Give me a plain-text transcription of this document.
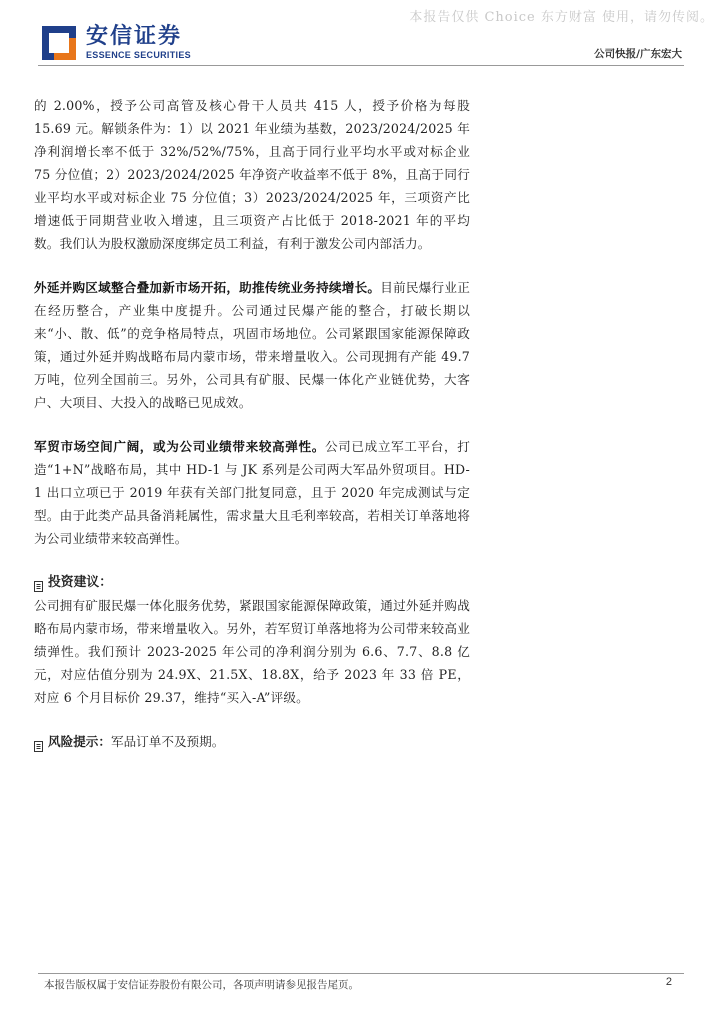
本报告仅供 Choice 东方财富 使用，请勿传阅。
安信证券
ESSENCE SECURITIES	公司快报/广东宏大

的 2.00%，授予公司高管及核心骨干人员共 415 人，授予价格为每股 15.69 元。解锁条件为：1）以 2021 年业绩为基数，2023/2024/2025 年净利润增长率不低于 32%/52%/75%，且高于同行业平均水平或对标企业 75 分位值；2）2023/2024/2025 年净资产收益率不低于 8%，且高于同行业平均水平或对标企业 75 分位值；3）2023/2024/2025 年，三项资产比增速低于同期营业收入增速，且三项资产占比低于 2018-2021 年的平均数。我们认为股权激励深度绑定员工利益，有利于激发公司内部活力。

外延并购区域整合叠加新市场开拓，助推传统业务持续增长。目前民爆行业正在经历整合，产业集中度提升。公司通过民爆产能的整合，打破长期以来“小、散、低”的竞争格局特点，巩固市场地位。公司紧跟国家能源保障政策，通过外延并购战略布局内蒙市场，带来增量收入。公司现拥有产能 49.7 万吨，位列全国前三。另外，公司具有矿服、民爆一体化产业链优势，大客户、大项目、大投入的战略已见成效。

军贸市场空间广阔，或为公司业绩带来较高弹性。公司已成立军工平台，打造“1+N”战略布局，其中 HD-1 与 JK 系列是公司两大军品外贸项目。HD-1 出口立项已于 2019 年获有关部门批复同意，且于 2020 年完成测试与定型。由于此类产品具备消耗属性，需求量大且毛利率较高，若相关订单落地将为公司业绩带来较高弹性。

投资建议：

公司拥有矿服民爆一体化服务优势，紧跟国家能源保障政策，通过外延并购战略布局内蒙市场，带来增量收入。另外，若军贸订单落地将为公司带来较高业绩弹性。我们预计 2023-2025 年公司的净利润分别为 6.6、7.7、8.8 亿元，对应估值分别为 24.9X、21.5X、18.8X，给予 2023 年 33 倍 PE，对应 6 个月目标价 29.37，维持“买入-A”评级。

风险提示： 军品订单不及预期。
本报告版权属于安信证券股份有限公司，各项声明请参见报告尾页。	2
